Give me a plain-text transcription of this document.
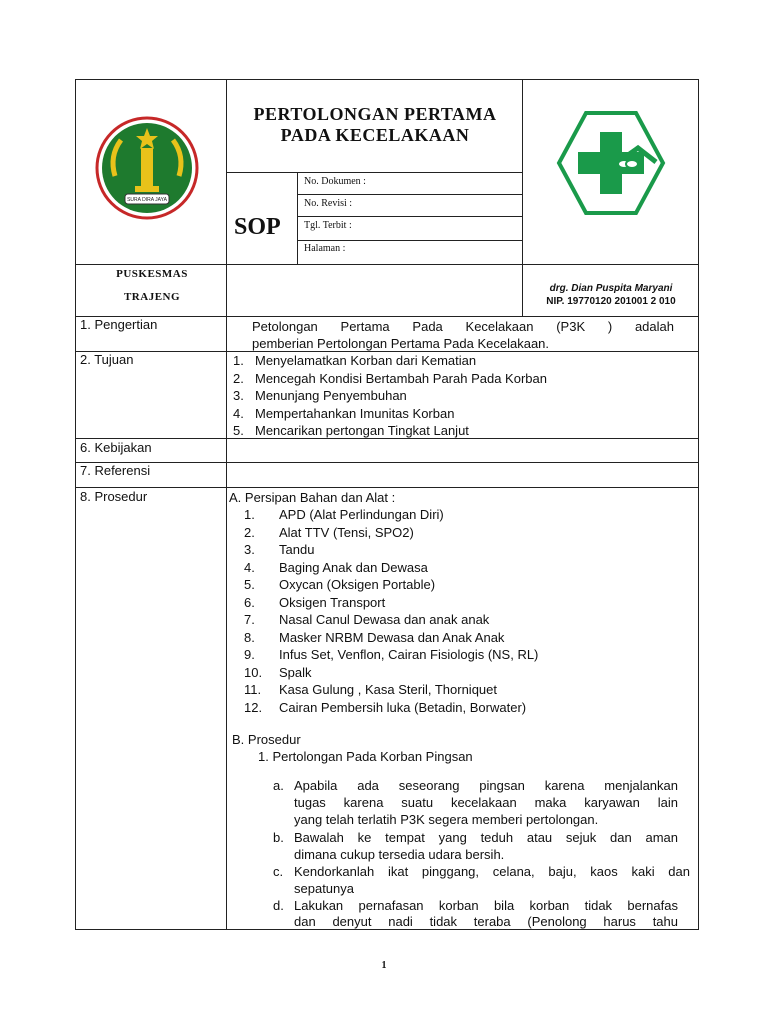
SURA DIRA JAYA
PERTOLONGAN PERTAMA PADA KECELAKAAN
SOP
No. Dokumen :
No. Revisi :
Tgl. Terbit :
Halaman :
PUSKESMAS
TRAJENG
drg. Dian Puspita Maryani
NIP. 19770120 201001 2 010
1. Pengertian	Petolongan Pertama Pada Kecelakaan (P3K ) adalah
pemberian Pertolongan Pertama Pada Kecelakaan.
2. Tujuan	1. Menyelamatkan Korban dari Kematian
2. Mencegah Kondisi Bertambah Parah Pada Korban
3. Menunjang Penyembuhan
4. Mempertahankan Imunitas Korban
5. Mencarikan pertongan Tingkat Lanjut
6. Kebijakan
7. Referensi
8. Prosedur	A. Persipan Bahan dan Alat :
1. APD (Alat Perlindungan Diri)
2. Alat TTV (Tensi, SPO2)
3. Tandu
4. Baging Anak dan Dewasa
5. Oxycan (Oksigen Portable)
6. Oksigen Transport
7. Nasal Canul Dewasa dan anak anak
8. Masker NRBM Dewasa dan Anak Anak
9. Infus Set, Venflon, Cairan Fisiologis (NS, RL)
10. Spalk
11. Kasa Gulung , Kasa Steril, Thorniquet
12. Cairan Pembersih luka (Betadin, Borwater)
B. Prosedur
1. Pertolongan Pada Korban Pingsan
a. Apabila ada seseorang pingsan karena menjalankan
tugas karena suatu kecelakaan maka karyawan lain
yang telah terlatih P3K segera memberi pertolongan.
b. Bawalah ke tempat yang teduh atau sejuk dan aman
dimana cukup tersedia udara bersih.
c. Kendorkanlah ikat pinggang, celana, baju, kaos kaki dan
sepatunya
d. Lakukan pernafasan korban bila korban tidak bernafas
dan denyut nadi tidak teraba (Penolong harus tahu
1
